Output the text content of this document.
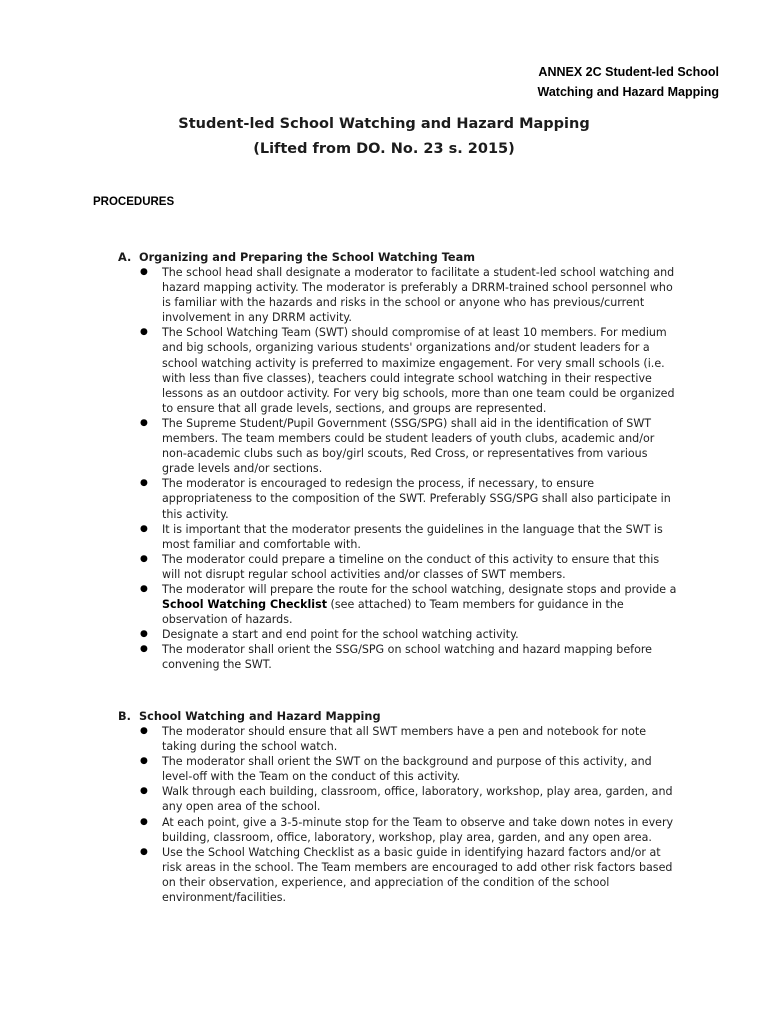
ANNEX 2C Student-led School
Watching and Hazard Mapping
Student-led School Watching and Hazard Mapping
(Lifted from DO. No. 23 s. 2015)
PROCEDURES
A. Organizing and Preparing the School Watching Team
● The school head shall designate a moderator to facilitate a student-led school watching and hazard mapping activity. The moderator is preferably a DRRM-trained school personnel who is familiar with the hazards and risks in the school or anyone who has previous/current involvement in any DRRM activity.
● The School Watching Team (SWT) should compromise of at least 10 members. For medium and big schools, organizing various students' organizations and/or student leaders for a school watching activity is preferred to maximize engagement. For very small schools (i.e. with less than five classes), teachers could integrate school watching in their respective lessons as an outdoor activity. For very big schools, more than one team could be organized to ensure that all grade levels, sections, and groups are represented.
● The Supreme Student/Pupil Government (SSG/SPG) shall aid in the identification of SWT members. The team members could be student leaders of youth clubs, academic and/or non-academic clubs such as boy/girl scouts, Red Cross, or representatives from various grade levels and/or sections.
● The moderator is encouraged to redesign the process, if necessary, to ensure appropriateness to the composition of the SWT. Preferably SSG/SPG shall also participate in this activity.
● It is important that the moderator presents the guidelines in the language that the SWT is most familiar and comfortable with.
● The moderator could prepare a timeline on the conduct of this activity to ensure that this will not disrupt regular school activities and/or classes of SWT members.
● The moderator will prepare the route for the school watching, designate stops and provide a School Watching Checklist (see attached) to Team members for guidance in the observation of hazards.
● Designate a start and end point for the school watching activity.
● The moderator shall orient the SSG/SPG on school watching and hazard mapping before convening the SWT.
B. School Watching and Hazard Mapping
● The moderator should ensure that all SWT members have a pen and notebook for note taking during the school watch.
● The moderator shall orient the SWT on the background and purpose of this activity, and level-off with the Team on the conduct of this activity.
● Walk through each building, classroom, office, laboratory, workshop, play area, garden, and any open area of the school.
● At each point, give a 3-5-minute stop for the Team to observe and take down notes in every building, classroom, office, laboratory, workshop, play area, garden, and any open area.
● Use the School Watching Checklist as a basic guide in identifying hazard factors and/or at risk areas in the school. The Team members are encouraged to add other risk factors based on their observation, experience, and appreciation of the condition of the school environment/facilities.
